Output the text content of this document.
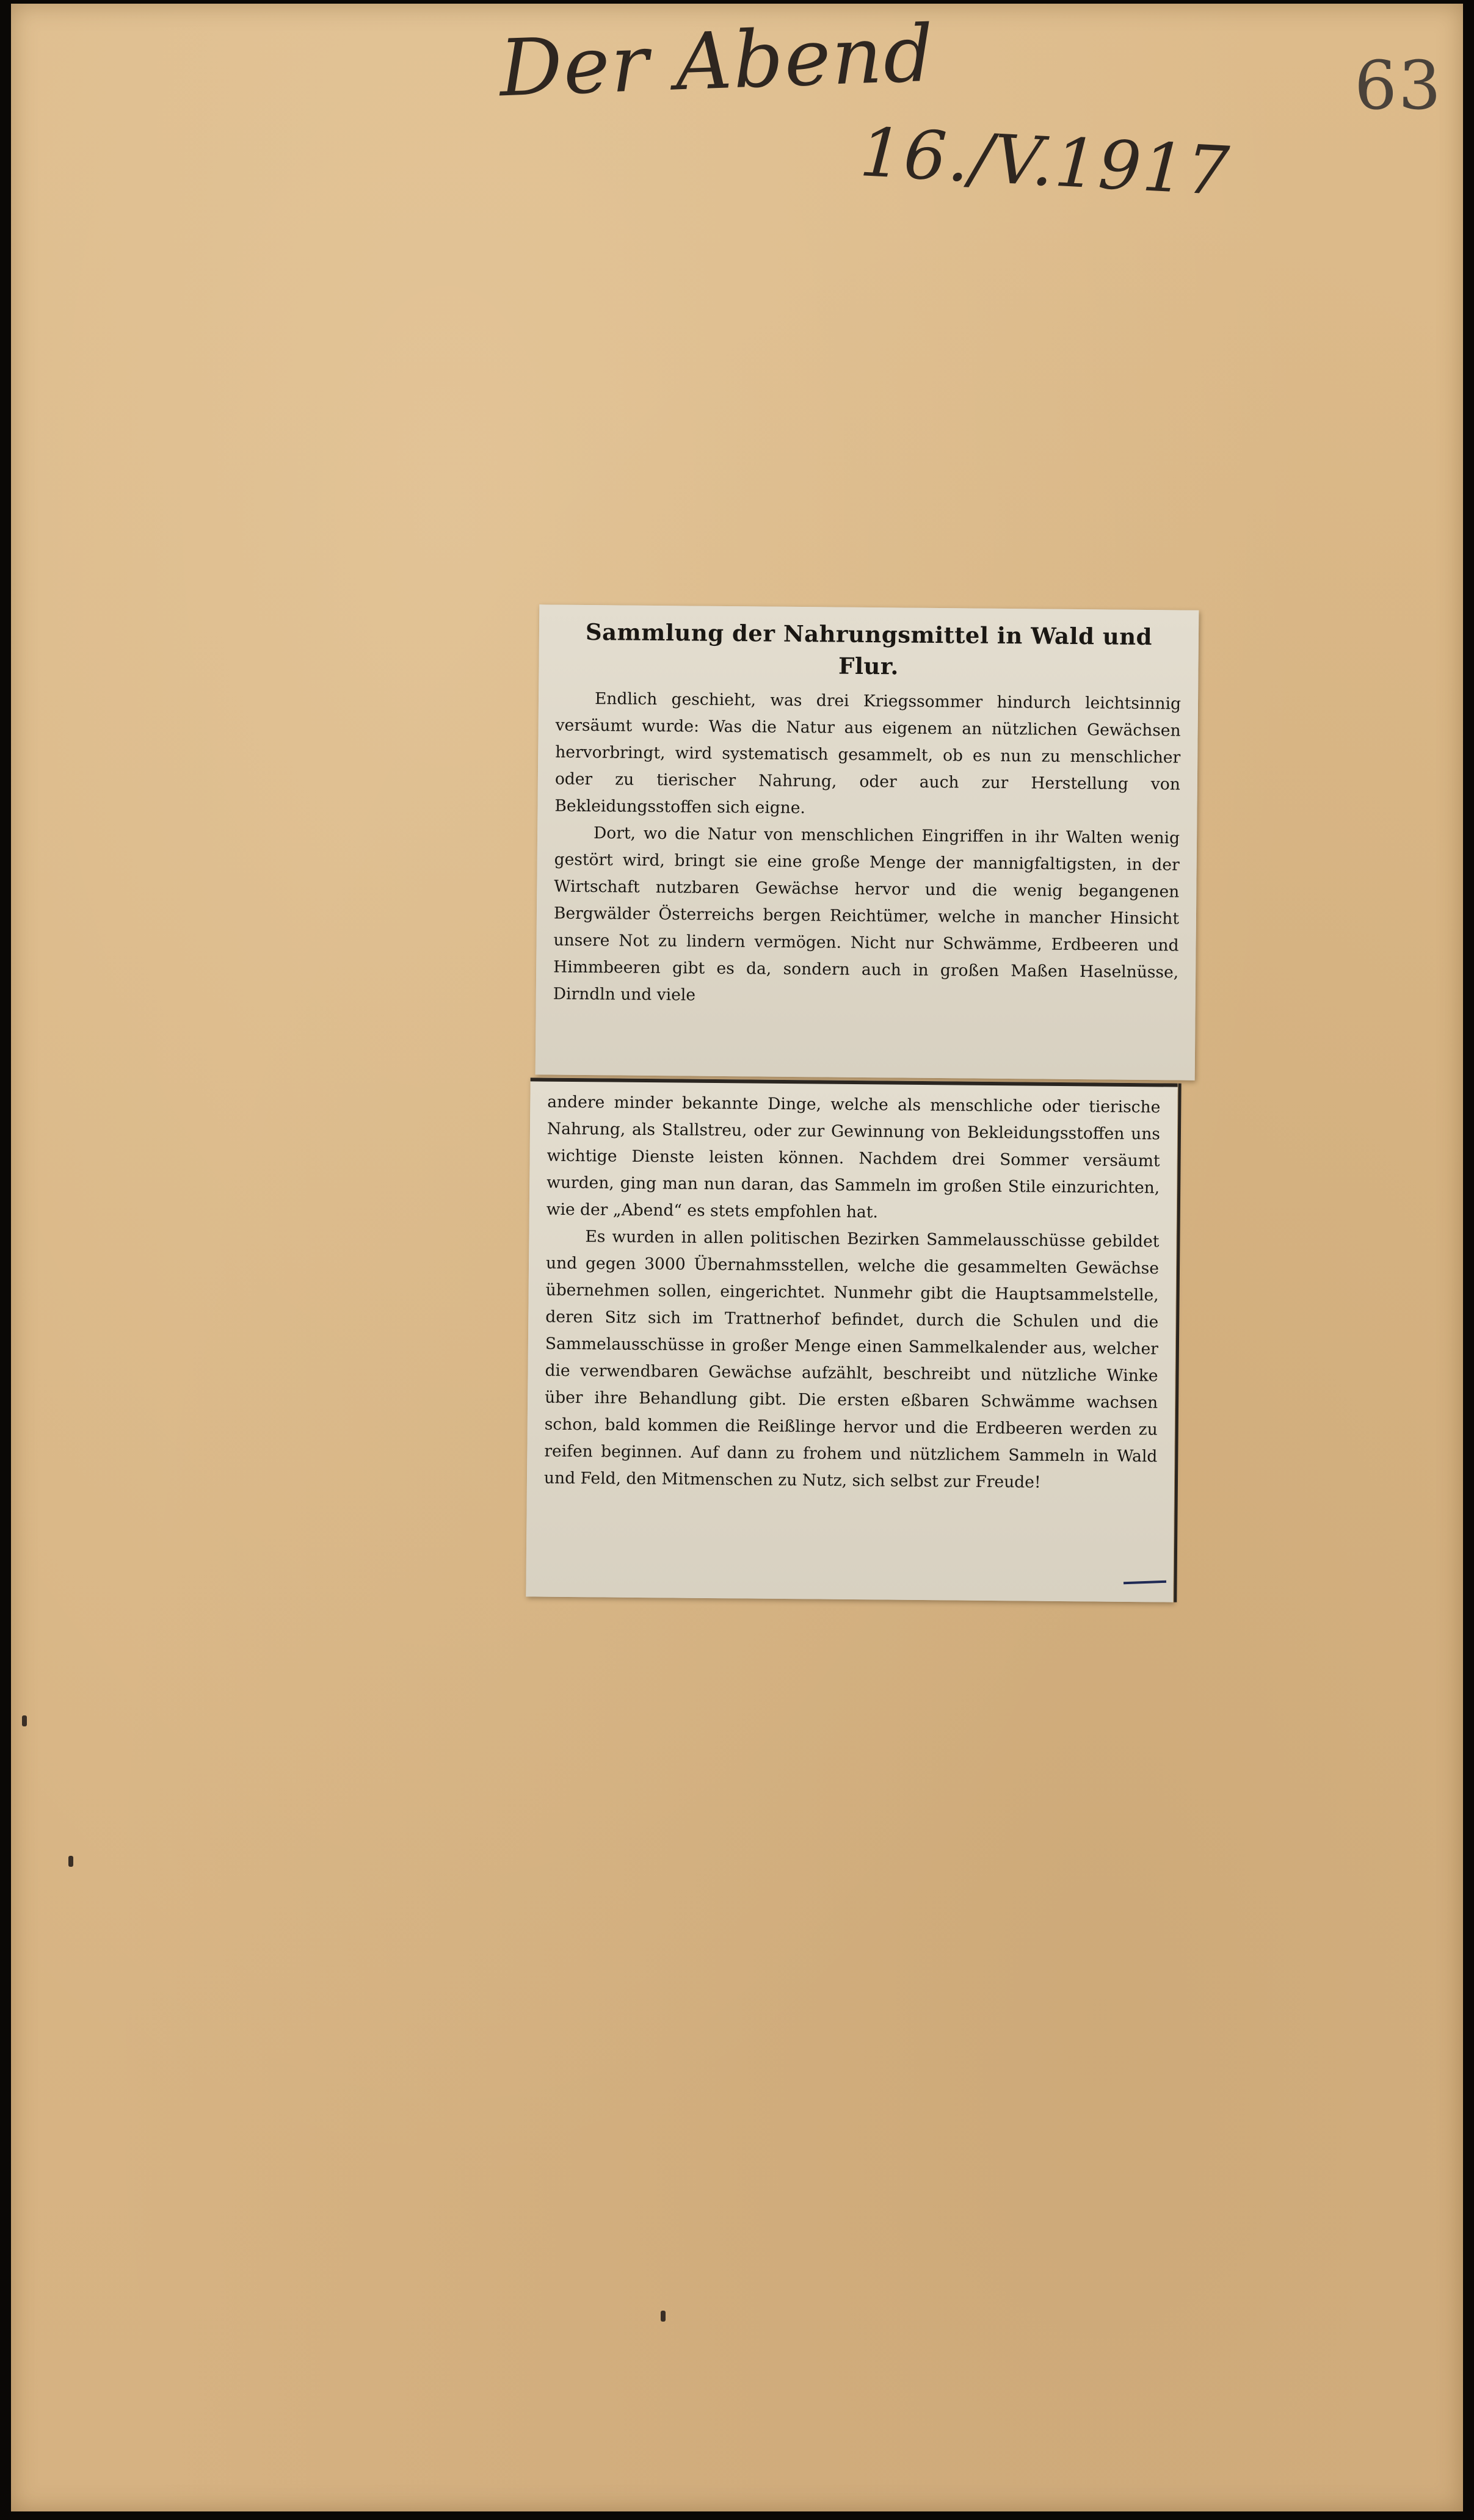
Der Abend
16./V.1917
63
Sammlung der Nahrungsmittel in Wald und Flur.

Endlich geschieht, was drei Kriegssommer hindurch leichtsinnig versäumt wurde: Was die Natur aus eigenem an nützlichen Gewächsen hervorbringt, wird systematisch gesammelt, ob es nun zu menschlicher oder zu tierischer Nahrung, oder auch zur Herstellung von Bekleidungsstoffen sich eigne.

Dort, wo die Natur von menschlichen Eingriffen in ihr Walten wenig gestört wird, bringt sie eine große Menge der mannigfaltigsten, in der Wirtschaft nutzbaren Gewächse hervor und die wenig begangenen Bergwälder Österreichs bergen Reichtümer, welche in mancher Hinsicht unsere Not zu lindern vermögen. Nicht nur Schwämme, Erdbeeren und Himmbeeren gibt es da, sondern auch in großen Maßen Haselnüsse, Dirndln und viele

andere minder bekannte Dinge, welche als menschliche oder tierische Nahrung, als Stallstreu, oder zur Gewinnung von Bekleidungsstoffen uns wichtige Dienste leisten können. Nachdem drei Sommer versäumt wurden, ging man nun daran, das Sammeln im großen Stile einzurichten, wie der „Abend“ es stets empfohlen hat.

Es wurden in allen politischen Bezirken Sammelausschüsse gebildet und gegen 3000 Übernahmsstellen, welche die gesammelten Gewächse übernehmen sollen, eingerichtet. Nunmehr gibt die Hauptsammelstelle, deren Sitz sich im Trattnerhof befindet, durch die Schulen und die Sammelausschüsse in großer Menge einen Sammelkalender aus, welcher die verwendbaren Gewächse aufzählt, beschreibt und nützliche Winke über ihre Behandlung gibt. Die ersten eßbaren Schwämme wachsen schon, bald kommen die Reißlinge hervor und die Erdbeeren werden zu reifen beginnen. Auf dann zu frohem und nützlichem Sammeln in Wald und Feld, den Mitmenschen zu Nutz, sich selbst zur Freude!
